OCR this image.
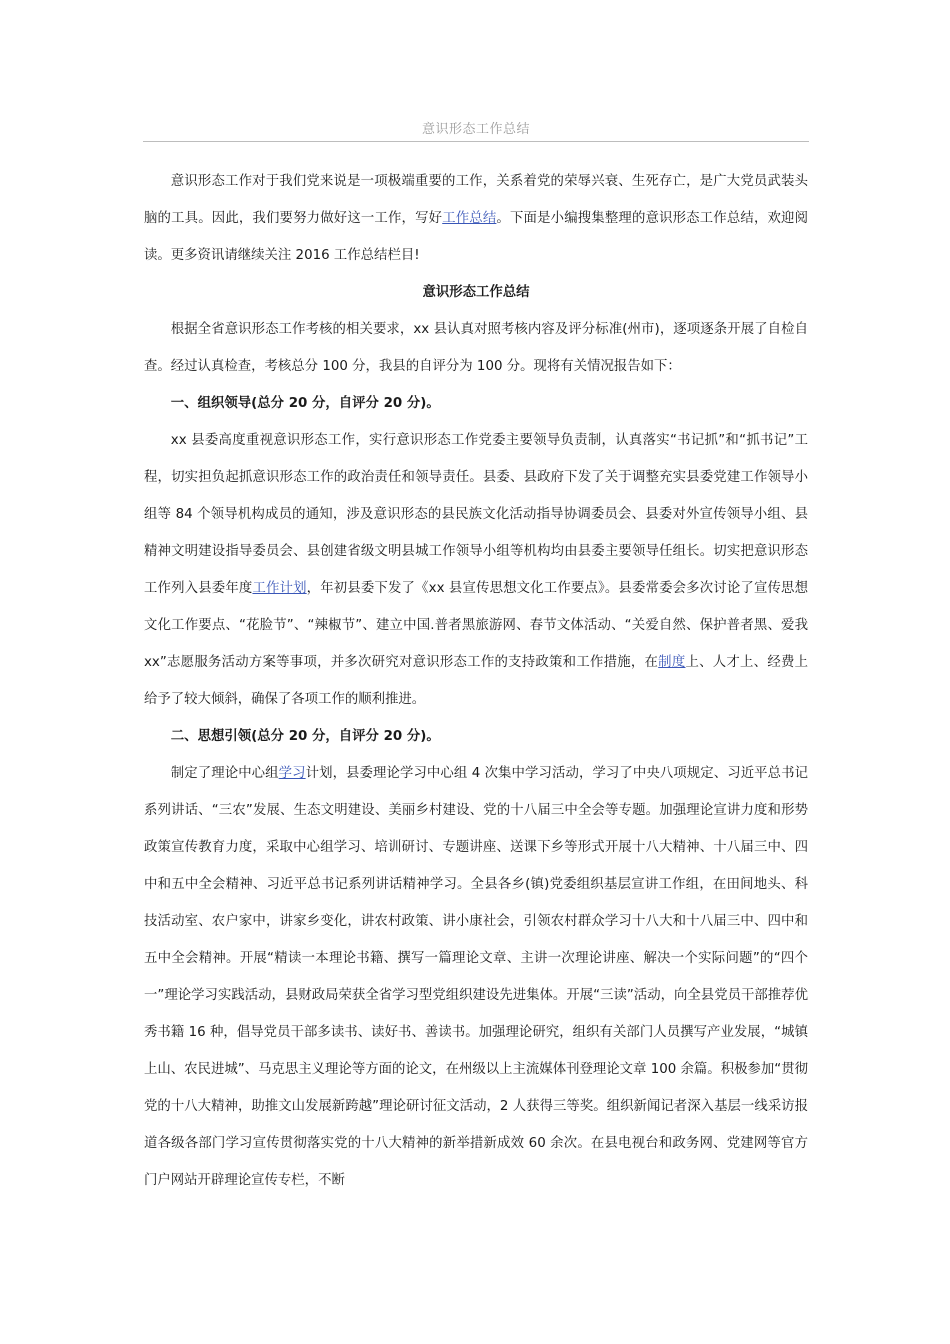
意识形态工作总结

意识形态工作对于我们党来说是一项极端重要的工作，关系着党的荣辱兴衰、生死存亡，是广大党员武装头脑的工具。因此，我们要努力做好这一工作，写好工作总结。下面是小编搜集整理的意识形态工作总结，欢迎阅读。更多资讯请继续关注 2016 工作总结栏目!

意识形态工作总结

根据全省意识形态工作考核的相关要求，xx 县认真对照考核内容及评分标准(州市)，逐项逐条开展了自检自查。经过认真检查，考核总分 100 分，我县的自评分为 100 分。现将有关情况报告如下：

一、组织领导(总分 20 分，自评分 20 分)。

xx 县委高度重视意识形态工作，实行意识形态工作党委主要领导负责制，认真落实“书记抓”和“抓书记”工程，切实担负起抓意识形态工作的政治责任和领导责任。县委、县政府下发了关于调整充实县委党建工作领导小组等 84 个领导机构成员的通知，涉及意识形态的县民族文化活动指导协调委员会、县委对外宣传领导小组、县精神文明建设指导委员会、县创建省级文明县城工作领导小组等机构均由县委主要领导任组长。切实把意识形态工作列入县委年度工作计划，年初县委下发了《xx 县宣传思想文化工作要点》。县委常委会多次讨论了宣传思想文化工作要点、“花脸节”、“辣椒节”、建立中国.普者黑旅游网、春节文体活动、“关爱自然、保护普者黑、爱我 xx”志愿服务活动方案等事项，并多次研究对意识形态工作的支持政策和工作措施，在制度上、人才上、经费上给予了较大倾斜，确保了各项工作的顺利推进。

二、思想引领(总分 20 分，自评分 20 分)。

制定了理论中心组学习计划，县委理论学习中心组 4 次集中学习活动，学习了中央八项规定、习近平总书记系列讲话、“三农”发展、生态文明建设、美丽乡村建设、党的十八届三中全会等专题。加强理论宣讲力度和形势政策宣传教育力度，采取中心组学习、培训研讨、专题讲座、送课下乡等形式开展十八大精神、十八届三中、四中和五中全会精神、习近平总书记系列讲话精神学习。全县各乡(镇)党委组织基层宣讲工作组，在田间地头、科技活动室、农户家中，讲家乡变化，讲农村政策、讲小康社会，引领农村群众学习十八大和十八届三中、四中和五中全会精神。开展“精读一本理论书籍、撰写一篇理论文章、主讲一次理论讲座、解决一个实际问题”的“四个一”理论学习实践活动，县财政局荣获全省学习型党组织建设先进集体。开展“三读”活动，向全县党员干部推荐优秀书籍 16 种，倡导党员干部多读书、读好书、善读书。加强理论研究，组织有关部门人员撰写产业发展，“城镇上山、农民进城”、马克思主义理论等方面的论文，在州级以上主流媒体刊登理论文章 100 余篇。积极参加“贯彻党的十八大精神，助推文山发展新跨越”理论研讨征文活动，2 人获得三等奖。组织新闻记者深入基层一线采访报道各级各部门学习宣传贯彻落实党的十八大精神的新举措新成效 60 余次。在县电视台和政务网、党建网等官方门户网站开辟理论宣传专栏，不断
